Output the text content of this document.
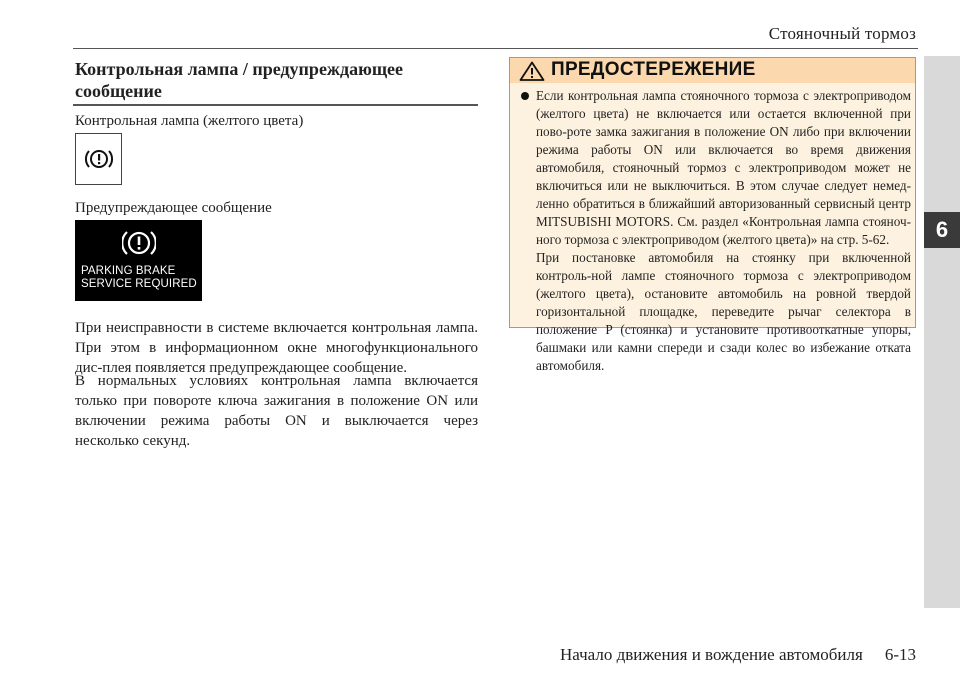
Стояночный тормоз
6
Контрольная лампа / предупреждающее сообщение
Контрольная лампа (желтого цвета)
Предупреждающее сообщение
PARKING BRAKE
SERVICE REQUIRED
При неисправности в системе включается контрольная лампа. При этом в информационном окне многофункционального дис-плея появляется предупреждающее сообщение.
В нормальных условиях контрольная лампа включается только при повороте ключа зажигания в положение ON или включении режима работы ON и выключается через несколько секунд.
ПРЕДОСТЕРЕЖЕНИЕ
Если контрольная лампа стояночного тормоза с электроприводом (желтого цвета) не включается или остается включенной при пово-роте замка зажигания в положение ON либо при включении режима работы ON или включается во время движения автомобиля, стояночный тормоз с электроприводом может не включиться или не выключиться. В этом случае следует немед-ленно обратиться в ближайший авторизованный сервисный центр MITSUBISHI MOTORS. См. раздел «Контрольная лампа стояноч-ного тормоза с электроприводом (желтого цвета)» на стр. 5-62.
При постановке автомобиля на стоянку при включенной контроль-ной лампе стояночного тормоза с электроприводом (желтого цвета), остановите автомобиль на ровной твердой горизонтальной площадке, переведите рычаг селектора в положение P (стоянка) и установите противооткатные упоры, башмаки или камни спереди и сзади колес во избежание отката автомобиля.
Начало движения и вождение автомобиля 6-13
